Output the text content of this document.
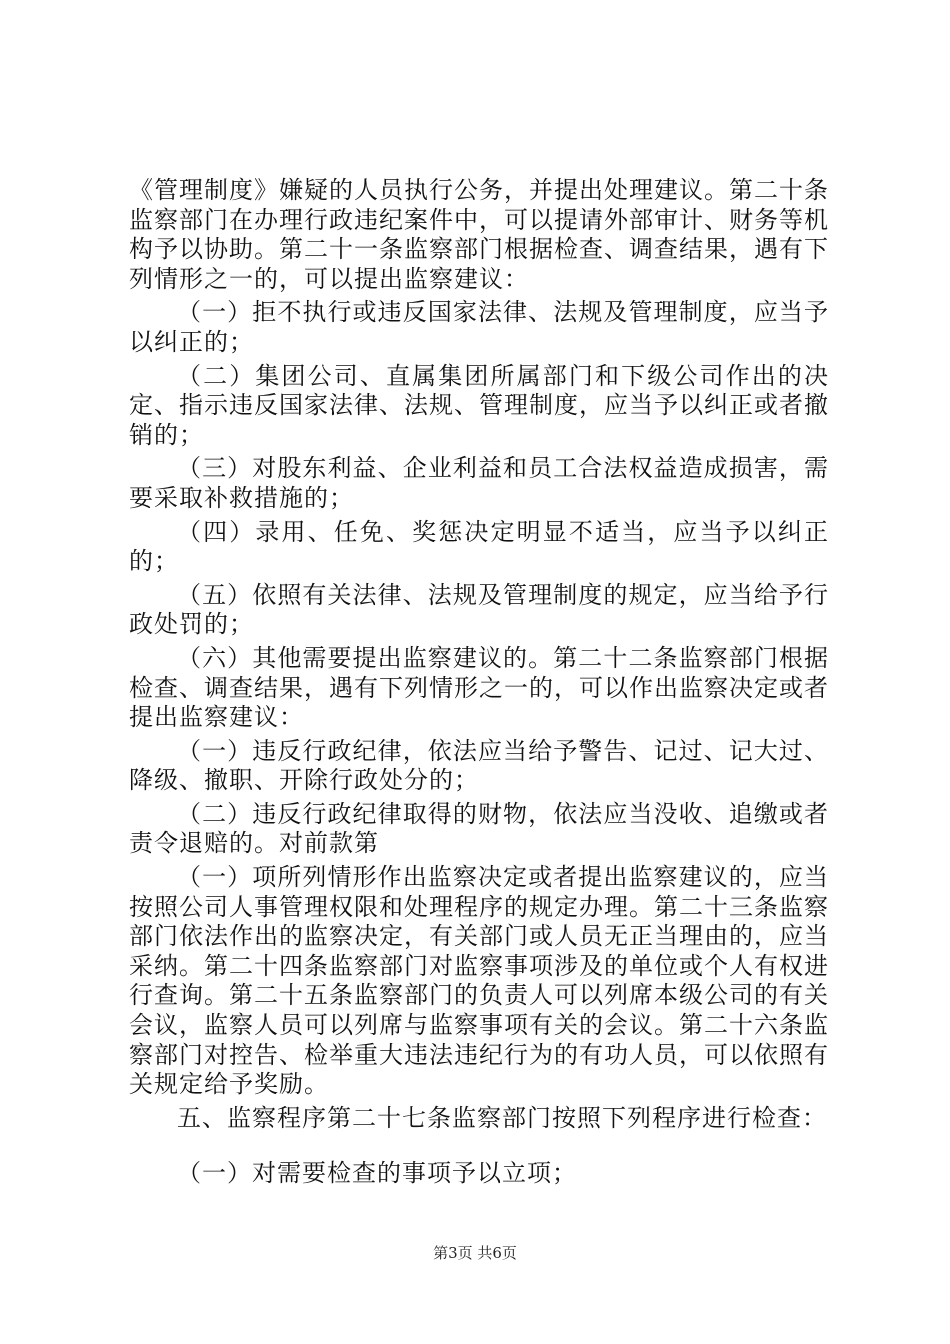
《管理制度》嫌疑的人员执行公务，并提出处理建议。第二十条监察部门在办理行政违纪案件中，可以提请外部审计、财务等机构予以协助。第二十一条监察部门根据检查、调查结果，遇有下列情形之一的，可以提出监察建议：

（一）拒不执行或违反国家法律、法规及管理制度，应当予以纠正的；

（二）集团公司、直属集团所属部门和下级公司作出的决定、指示违反国家法律、法规、管理制度，应当予以纠正或者撤销的；

（三）对股东利益、企业利益和员工合法权益造成损害，需要采取补救措施的；

（四）录用、任免、奖惩决定明显不适当，应当予以纠正的；

（五）依照有关法律、法规及管理制度的规定，应当给予行政处罚的；

（六）其他需要提出监察建议的。第二十二条监察部门根据检查、调查结果，遇有下列情形之一的，可以作出监察决定或者提出监察建议：

（一）违反行政纪律，依法应当给予警告、记过、记大过、降级、撤职、开除行政处分的；

（二）违反行政纪律取得的财物，依法应当没收、追缴或者责令退赔的。对前款第

（一）项所列情形作出监察决定或者提出监察建议的，应当按照公司人事管理权限和处理程序的规定办理。第二十三条监察部门依法作出的监察决定，有关部门或人员无正当理由的，应当采纳。第二十四条监察部门对监察事项涉及的单位或个人有权进行查询。第二十五条监察部门的负责人可以列席本级公司的有关会议，监察人员可以列席与监察事项有关的会议。第二十六条监察部门对控告、检举重大违法违纪行为的有功人员，可以依照有关规定给予奖励。

五、监察程序第二十七条监察部门按照下列程序进行检查：

（一）对需要检查的事项予以立项；

第3页 共6页
